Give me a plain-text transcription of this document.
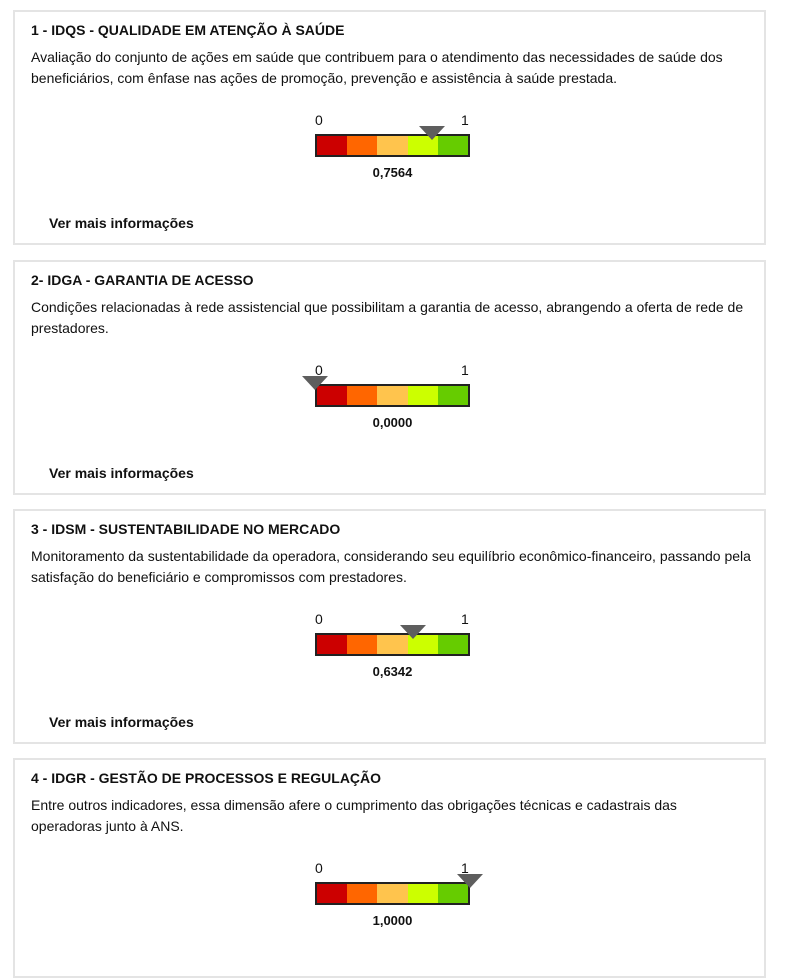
1 - IDQS - QUALIDADE EM ATENÇÃO À SAÚDE

Avaliação do conjunto de ações em saúde que contribuem para o atendimento das necessidades de saúde dos beneficiários, com ênfase nas ações de promoção, prevenção e assistência à saúde prestada.

0	1
0,7564
Ver mais informações
2- IDGA - GARANTIA DE ACESSO

Condições relacionadas à rede assistencial que possibilitam a garantia de acesso, abrangendo a oferta de rede de prestadores.

0	1
0,0000
Ver mais informações
3 - IDSM - SUSTENTABILIDADE NO MERCADO

Monitoramento da sustentabilidade da operadora, considerando seu equilíbrio econômico-financeiro, passando pela satisfação do beneficiário e compromissos com prestadores.

0	1
0,6342
Ver mais informações
4 - IDGR - GESTÃO DE PROCESSOS E REGULAÇÃO

Entre outros indicadores, essa dimensão afere o cumprimento das obrigações técnicas e cadastrais das operadoras junto à ANS.

0	1
1,0000
